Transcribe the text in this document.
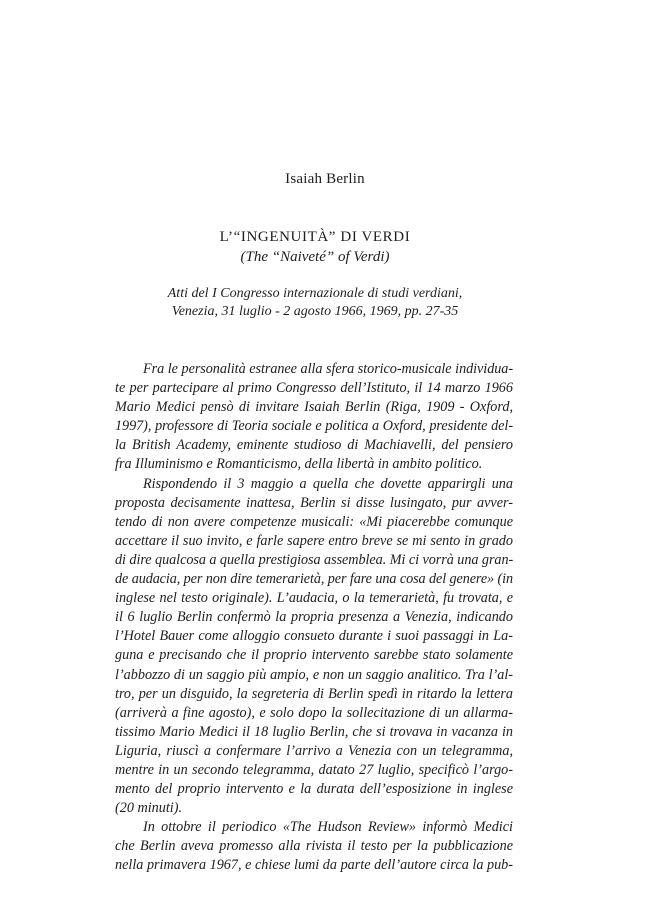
Isaiah Berlin
L’“INGENUITÀ” DI VERDI
(The “Naiveté” of Verdi)
Atti del I Congresso internazionale di studi verdiani,
Venezia, 31 luglio - 2 agosto 1966, 1969, pp. 27-35
Fra le personalità estranee alla sfera storico-musicale individua-
te per partecipare al primo Congresso dell’Istituto, il 14 marzo 1966
Mario Medici pensò di invitare Isaiah Berlin (Riga, 1909 - Oxford,
1997), professore di Teoria sociale e politica a Oxford, presidente del-
la British Academy, eminente studioso di Machiavelli, del pensiero
fra Illuminismo e Romanticismo, della libertà in ambito politico.
Rispondendo il 3 maggio a quella che dovette apparirgli una
proposta decisamente inattesa, Berlin si disse lusingato, pur avver-
tendo di non avere competenze musicali: «Mi piacerebbe comunque
accettare il suo invito, e farle sapere entro breve se mi sento in grado
di dire qualcosa a quella prestigiosa assemblea. Mi ci vorrà una gran-
de audacia, per non dire temerarietà, per fare una cosa del genere» (in
inglese nel testo originale). L’audacia, o la temerarietà, fu trovata, e
il 6 luglio Berlin confermò la propria presenza a Venezia, indicando
l’Hotel Bauer come alloggio consueto durante i suoi passaggi in La-
guna e precisando che il proprio intervento sarebbe stato solamente
l’abbozzo di un saggio più ampio, e non un saggio analitico. Tra l’al-
tro, per un disguido, la segreteria di Berlin spedì in ritardo la lettera
(arriverà a fine agosto), e solo dopo la sollecitazione di un allarma-
tissimo Mario Medici il 18 luglio Berlin, che si trovava in vacanza in
Liguria, riuscì a confermare l’arrivo a Venezia con un telegramma,
mentre in un secondo telegramma, datato 27 luglio, specificò l’argo-
mento del proprio intervento e la durata dell’esposizione in inglese
(20 minuti).
In ottobre il periodico «The Hudson Review» informò Medici
che Berlin aveva promesso alla rivista il testo per la pubblicazione
nella primavera 1967, e chiese lumi da parte dell’autore circa la pub-
